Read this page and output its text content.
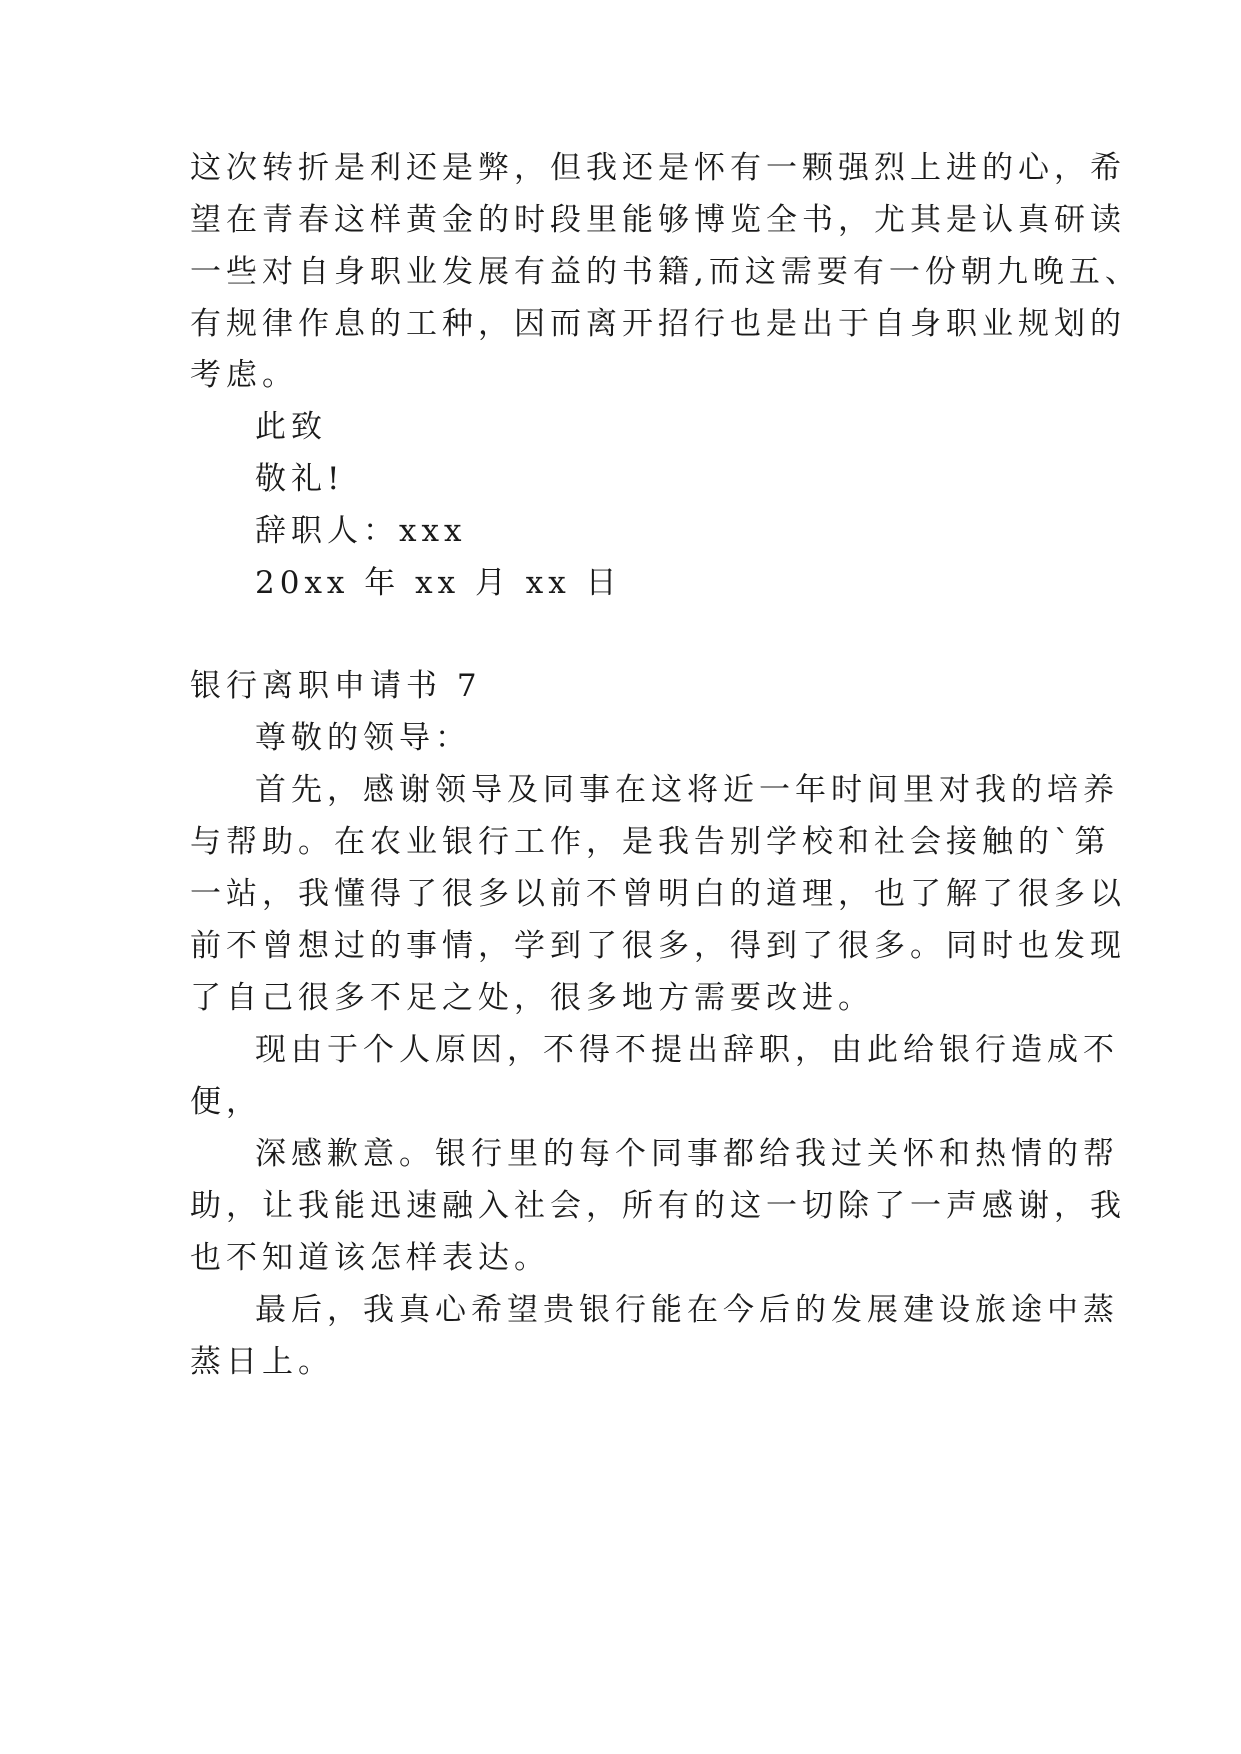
这次转折是利还是弊，但我还是怀有一颗强烈上进的心，希
望在青春这样黄金的时段里能够博览全书，尤其是认真研读
一些对自身职业发展有益的书籍,而这需要有一份朝九晚五、
有规律作息的工种，因而离开招行也是出于自身职业规划的
考虑。
此致
敬礼!
辞职人：xxx
20xx 年 xx 月 xx 日
银行离职申请书 7
尊敬的领导：
首先，感谢领导及同事在这将近一年时间里对我的培养
与帮助。在农业银行工作，是我告别学校和社会接触的`第
一站，我懂得了很多以前不曾明白的道理，也了解了很多以
前不曾想过的事情，学到了很多，得到了很多。同时也发现
了自己很多不足之处，很多地方需要改进。
现由于个人原因，不得不提出辞职，由此给银行造成不
便，
深感歉意。银行里的每个同事都给我过关怀和热情的帮
助，让我能迅速融入社会，所有的这一切除了一声感谢，我
也不知道该怎样表达。
最后，我真心希望贵银行能在今后的发展建设旅途中蒸
蒸日上。
